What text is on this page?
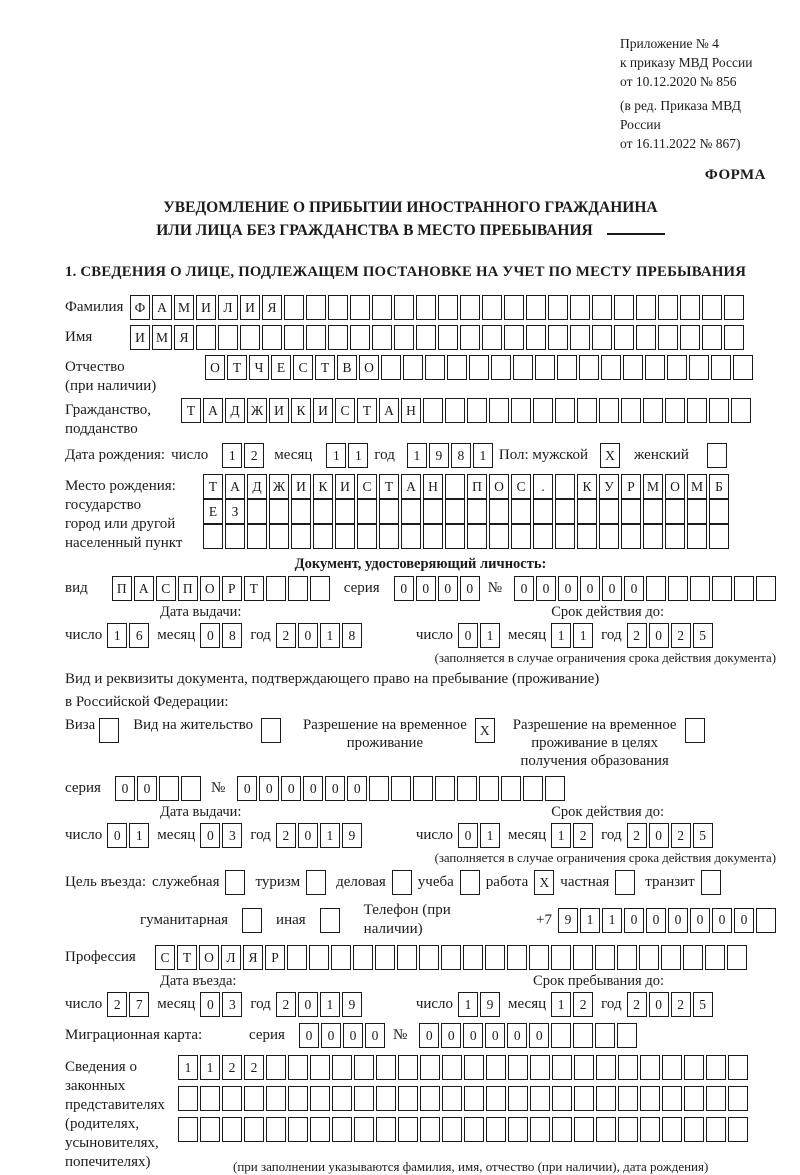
Приложение № 4
к приказу МВД России
от 10.12.2020 № 856
(в ред. Приказа МВД России
от 16.11.2022 № 867)
ФОРМА
УВЕДОМЛЕНИЕ О ПРИБЫТИИ ИНОСТРАННОГО ГРАЖДАНИНА
ИЛИ ЛИЦА БЕЗ ГРАЖДАНСТВА В МЕСТО ПРЕБЫВАНИЯ
1. СВЕДЕНИЯ О ЛИЦЕ, ПОДЛЕЖАЩЕМ ПОСТАНОВКЕ НА УЧЕТ ПО МЕСТУ ПРЕБЫВАНИЯ
Фамилия Ф А М И Л И Я
Имя	И М Я
Отчество
(при наличии)
О Т Ч Е С Т В О
Гражданство,
подданство
Т А Д Ж И К И С Т А Н
Дата рождения: число	1	2	месяц	1	1 год	1	9	8	1 Пол: мужской	X	женский
Место рождения:
государство
город или другой
населенный пункт
Т А Д Ж И К И С Т А Н	П О С	.	К У Р М О М Б

Е	З

Документ, удостоверяющий личность:
вид	П А С П О Р	Т	серия	0	0	0	0 №	0	0	0	0	0	0
Дата выдачи:	Срок действия до:
число 1	6 месяц 0	8 год 2	0	1	8	число 0	1 месяц 1	1 год 2	0	2	5
(заполняется в случае ограничения срока действия документа)
Вид и реквизиты документа, подтверждающего право на пребывание (проживание)
в Российской Федерации:
Виза	Вид на жительство	Разрешение на временное
проживание
X	Разрешение на временное
проживание в целях
получения образования
серия	0	0	№	0	0	0	0	0	0
Дата выдачи:	Срок действия до:
число 0	1 месяц 0	3 год 2	0	1	9	число 0	1 месяц 1	2 год 2	0	2	5
(заполняется в случае ограничения срока действия документа)
Цель въезда: служебная туризм деловая учеба работа X частная транзит
гуманитарная	иная
Телефон (при наличии)
+7 9	1	1	0	0	0	0	0	0
Профессия	С Т О Л Я	Р
Дата въезда:	Срок пребывания до:
число 2	7 месяц 0	3 год 2	0	1	9	число 1	9 месяц 1	2 год 2	0	2	5
Миграционная карта:	серия	0	0	0	0 №	0	0	0	0	0	0
Сведения о
законных
представителях
(родителях,
усыновителях,
попечителях)
1	1	2	2

(при заполнении указываются фамилия, имя, отчество (при наличии), дата рождения)
